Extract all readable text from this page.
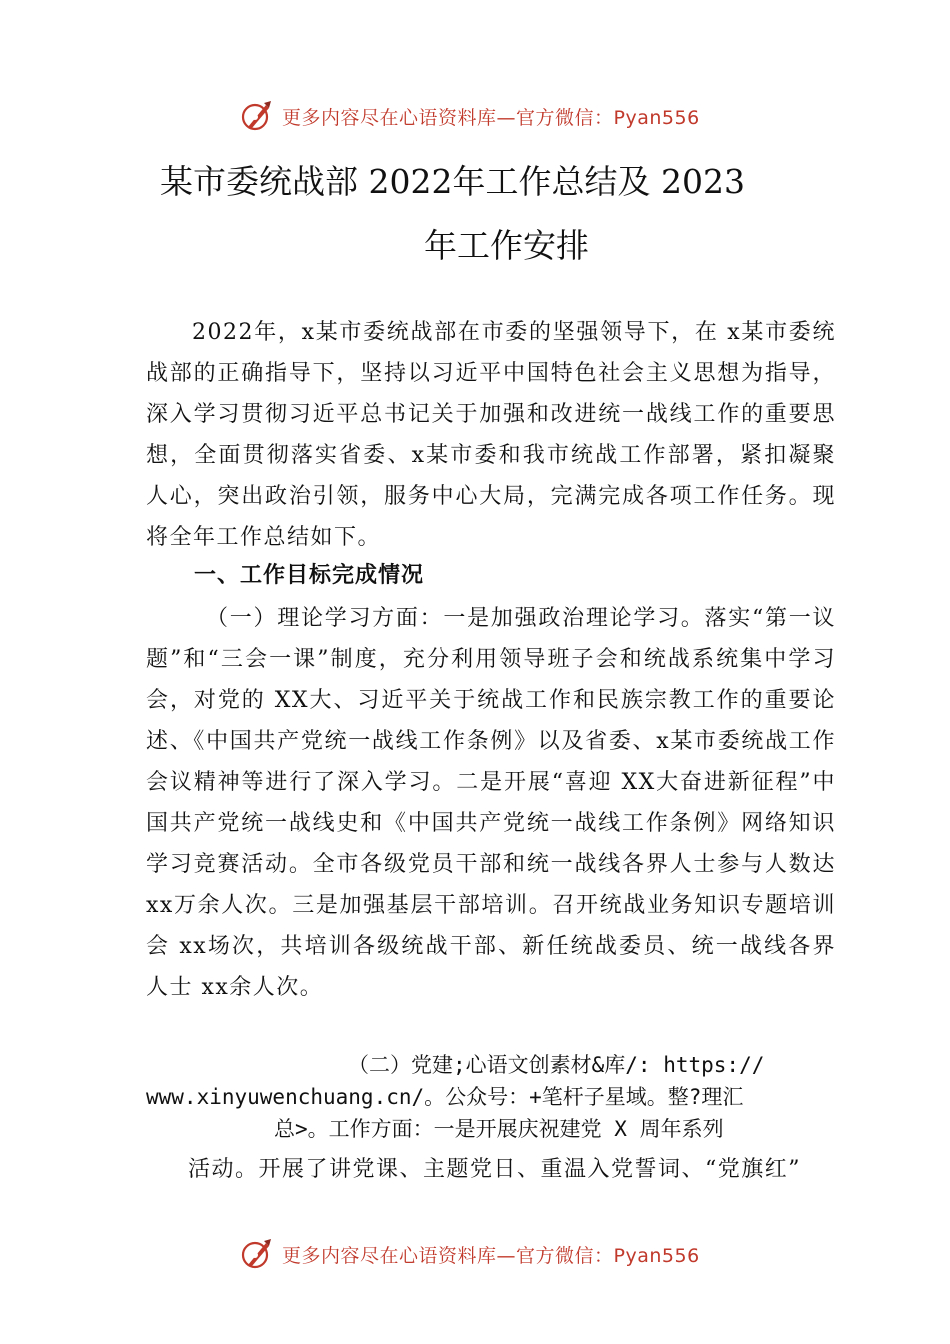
更多内容尽在心语资料库—官方微信：Pyan556
某市委统战部 2022年工作总结及 2023
年工作安排

2022年，x某市委统战部在市委的坚强领导下，在 x某市委统战部的正确指导下，坚持以习近平中国特色社会主义思想为指导，深入学习贯彻习近平总书记关于加强和改进统一战线工作的重要思想，全面贯彻落实省委、x某市委和我市统战工作部署，紧扣凝聚人心，突出政治引领，服务中心大局，完满完成各项工作任务。现将全年工作总结如下。

一、工作目标完成情况

（一）理论学习方面：一是加强政治理论学习。落实“第一议题”和“三会一课”制度，充分利用领导班子会和统战系统集中学习会，对党的 XX大、习近平关于统战工作和民族宗教工作的重要论述、《中国共产党统一战线工作条例》以及省委、x某市委统战工作会议精神等进行了深入学习。二是开展“喜迎 XX大奋进新征程”中国共产党统一战线史和《中国共产党统一战线工作条例》网络知识学习竞赛活动。全市各级党员干部和统一战线各界人士参与人数达xx万余人次。三是加强基层干部培训。召开统战业务知识专题培训会 xx场次，共培训各级统战干部、新任统战委员、统一战线各界人士 xx余人次。

（二）党建;心语文创素材&库/: https://
www.xinyuwenchuang.cn/。公众号：+笔杆子星域。整?理汇
总>。工作方面：一是开展庆祝建党 X 周年系列
活动。开展了讲党课、主题党日、重温入党誓词、“党旗红”
更多内容尽在心语资料库—官方微信：Pyan556
